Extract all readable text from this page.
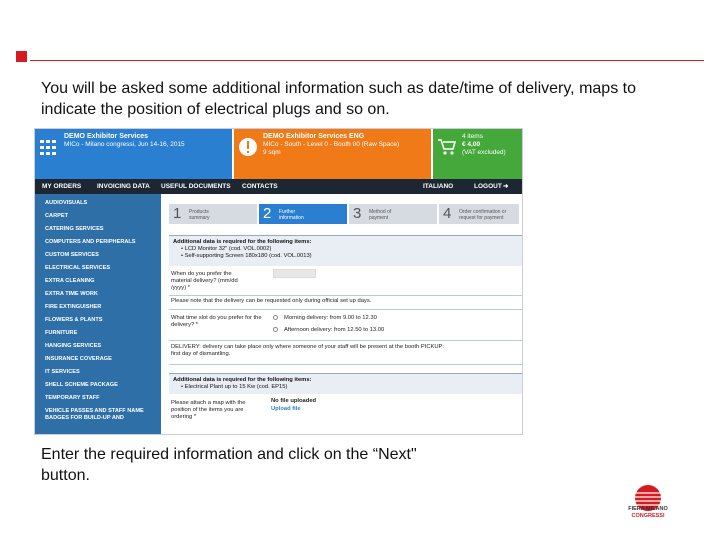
You will be asked some additional information such as date/time of delivery, maps to indicate the position of electrical plugs and so on.
DEMO Exhibitor Services
MICo - Milano congressi, Jun 14-16, 2015
DEMO Exhibitor Services ENG
MICo - South - Level 0 - Booth 00 (Raw Space)
9 sqm
4 items
€ 4,00
(VAT excluded)
MY ORDERS INVOICING DATA USEFUL DOCUMENTS CONTACTS	ITALIANO	LOGOUT ➜
AUDIOVISUALS
CARPET
CATERING SERVICES
COMPUTERS AND PERIPHERALS
CUSTOM SERVICES
ELECTRICAL SERVICES
EXTRA CLEANING
EXTRA TIME WORK
FIRE EXTINGUISHER
FLOWERS & PLANTS
FURNITURE
HANGING SERVICES
INSURANCE COVERAGE
IT SERVICES
SHELL SCHEME PACKAGE
TEMPORARY STAFF
VEHICLE PASSES AND STAFF NAME BADGES FOR BUILD-UP AND
1 Products summary	2 Further information	3 Method of payment	4 Order confirmation or request for payment
Additional data is required for the following items:
• LCD Monitor 32" (cod. VOL.0002)
• Self-supporting Screen 180x180 (cod. VOL.0013)
When do you prefer the material delivery? (mm/dd /yyyy) *
Please note that the delivery can be requested only during official set up days.
What time slot do you prefer for the delivery? *
Morning delivery: from 9.00 to 12.30
Afternoon delivery: from 12.50 to 13.00
DELIVERY: delivery can take place only where someone of your staff will be present at the booth PICKUP: first day of dismantling.
Additional data is required for the following items:
• Electrical Plant up to 15 Kw (cod. EP15)
Please attach a map with the position of the items you are ordering *
No file uploaded
Upload file
Enter the required information and click on the “Next" button.
FIERA MILANO
CONGRESSI
